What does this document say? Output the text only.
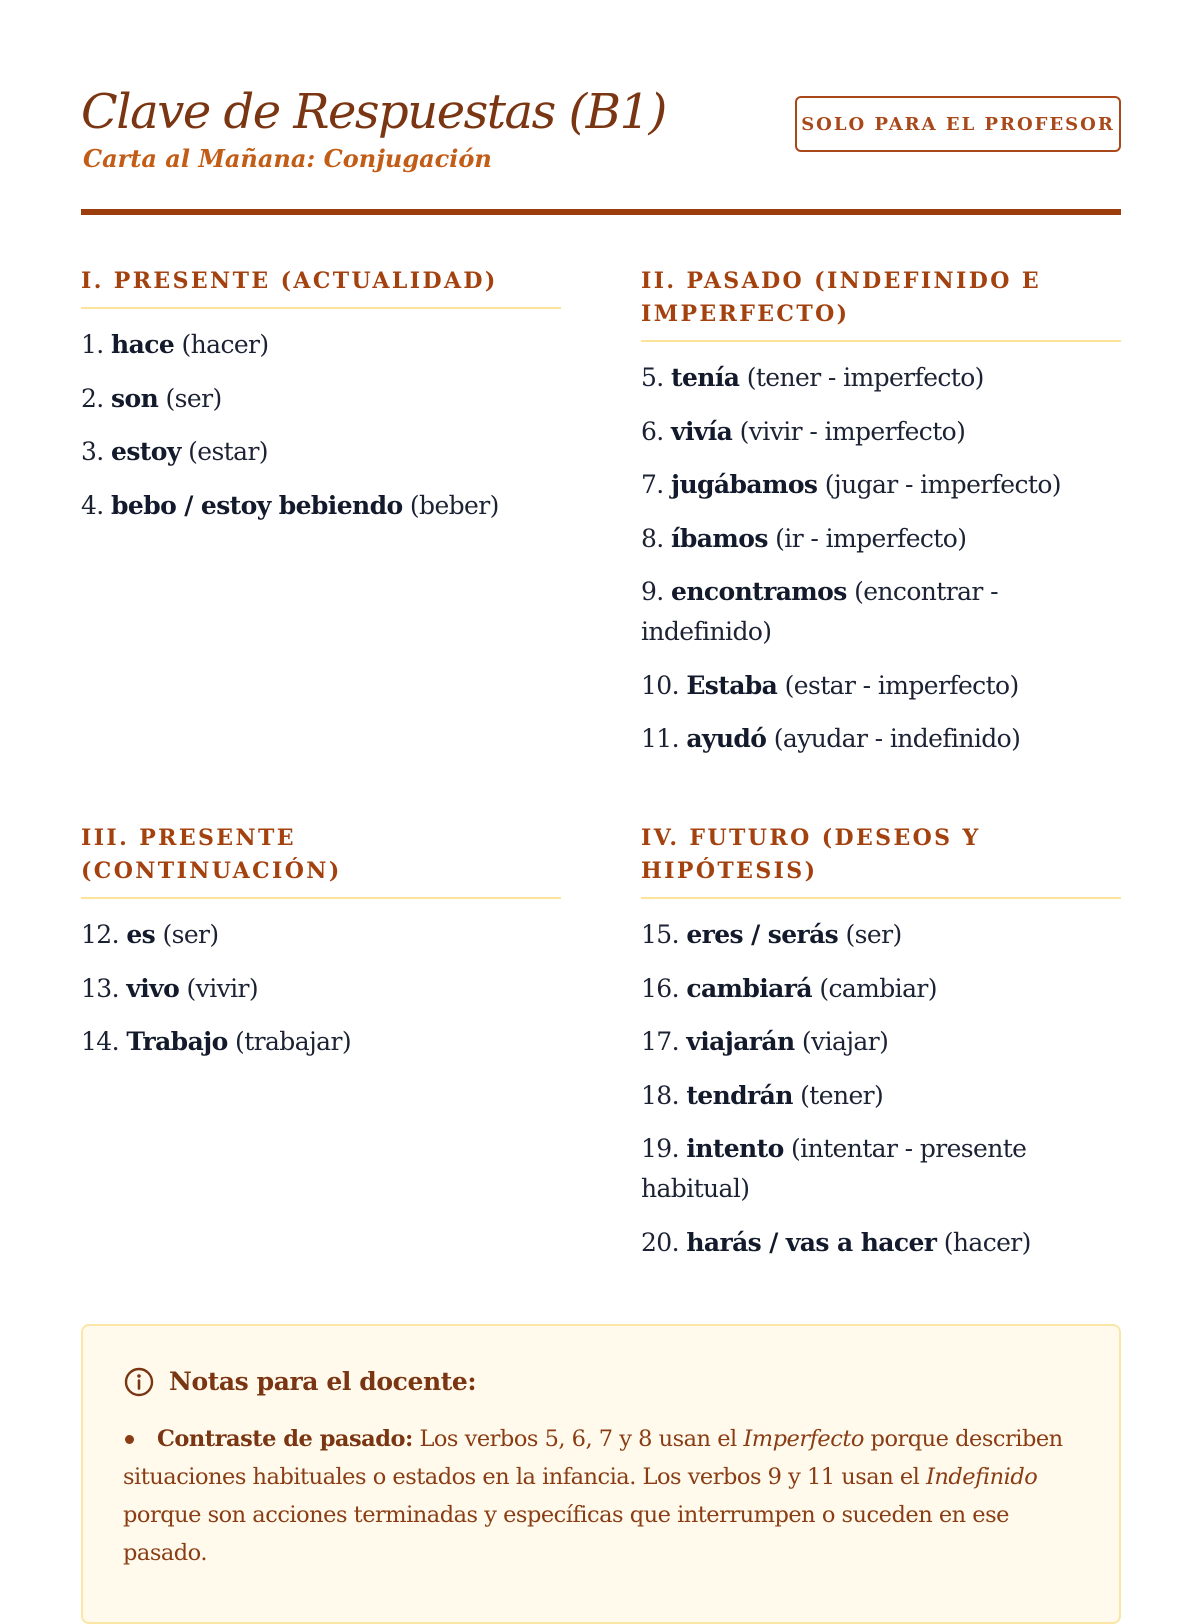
Clave de Respuestas (B1)
Carta al Mañana: Conjugación
SOLO PARA EL PROFESOR
I. PRESENTE (ACTUALIDAD)
1. hace (hacer)
2. son (ser)
3. estoy (estar)
4. bebo / estoy bebiendo (beber)
II. PASADO (INDEFINIDO E IMPERFECTO)
5. tenía (tener - imperfecto)
6. vivía (vivir - imperfecto)
7. jugábamos (jugar - imperfecto)
8. íbamos (ir - imperfecto)
9. encontramos (encontrar - indefinido)
10. Estaba (estar - imperfecto)
11. ayudó (ayudar - indefinido)
III. PRESENTE (CONTINUACIÓN)
12. es (ser)
13. vivo (vivir)
14. Trabajo (trabajar)
IV. FUTURO (DESEOS Y HIPÓTESIS)
15. eres / serás (ser)
16. cambiará (cambiar)
17. viajarán (viajar)
18. tendrán (tener)
19. intento (intentar - presente habitual)
20. harás / vas a hacer (hacer)
Notas para el docente:
Contraste de pasado: Los verbos 5, 6, 7 y 8 usan el Imperfecto porque describen situaciones habituales o estados en la infancia. Los verbos 9 y 11 usan el Indefinido porque son acciones terminadas y específicas que interrumpen o suceden en ese pasado.
